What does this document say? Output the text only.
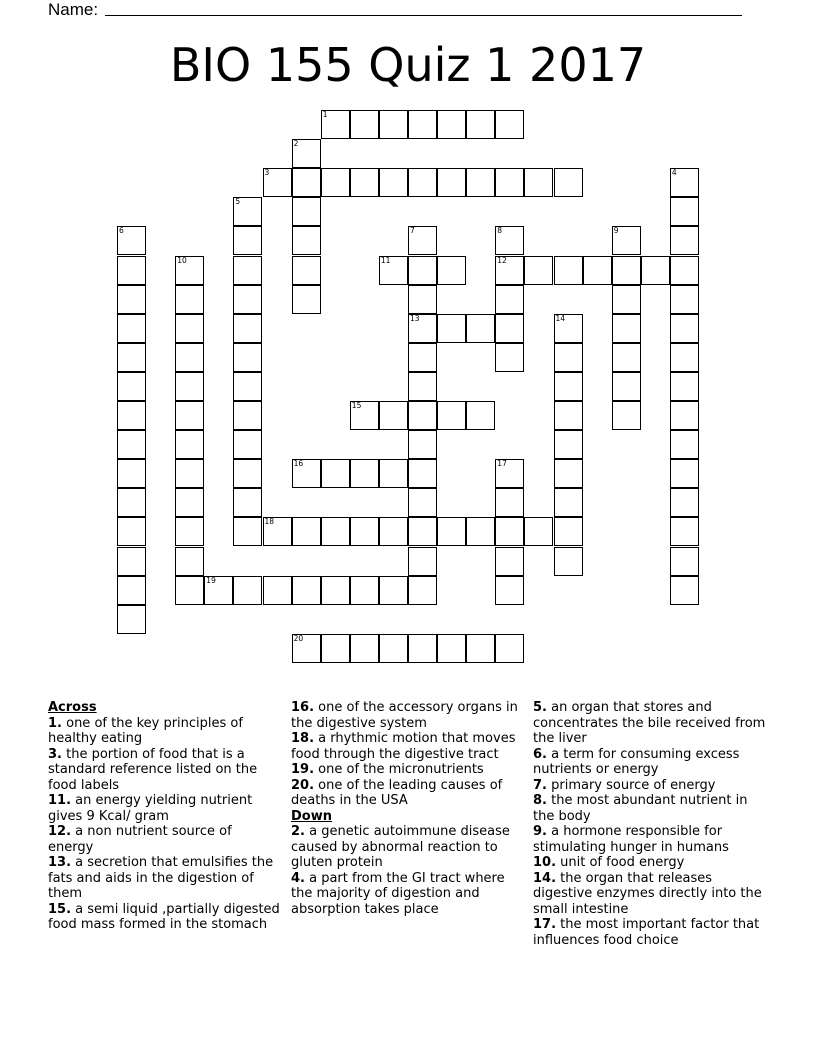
Name:
BIO 155 Quiz 1 2017
1
2
3	4
5
6	7	8	9
10	11	12
13	14
15
16	17
18
19
20
Across
1. one of the key principles of healthy eating
3. the portion of food that is a standard reference listed on the food labels
11. an energy yielding nutrient gives 9 Kcal/ gram
12. a non nutrient source of energy
13. a secretion that emulsifies the fats and aids in the digestion of them
15. a semi liquid ,partially digested food mass formed in the stomach
16. one of the accessory organs in the digestive system
18. a rhythmic motion that moves food through the digestive tract
19. one of the micronutrients
20. one of the leading causes of deaths in the USA
Down
2. a genetic autoimmune disease caused by abnormal reaction to gluten protein
4. a part from the GI tract where the majority of digestion and absorption takes place
5. an organ that stores and concentrates the bile received from the liver
6. a term for consuming excess nutrients or energy
7. primary source of energy
8. the most abundant nutrient in the body
9. a hormone responsible for stimulating hunger in humans
10. unit of food energy
14. the organ that releases digestive enzymes directly into the small intestine
17. the most important factor that influences food choice
